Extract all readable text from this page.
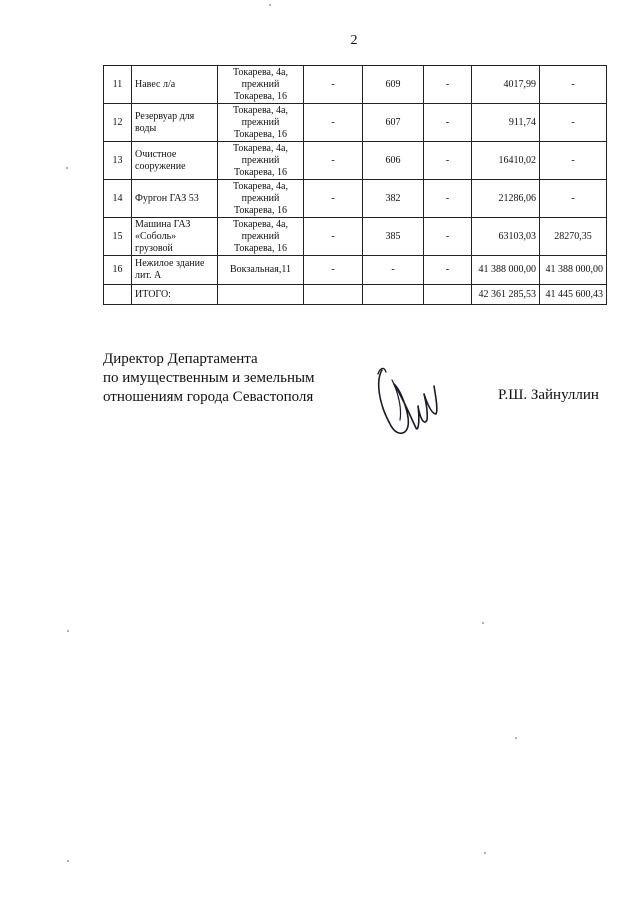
2
11	Навес л/а	Токарева, 4а,
прежний
Токарева, 16	-	609	-	4017,99	-
12	Резервуар для воды	Токарева, 4а,
прежний
Токарева, 16	-	607	-	911,74	-
13	Очистное сооружение	Токарева, 4а,
прежний
Токарева, 16	-	606	-	16410,02	-
14	Фургон ГАЗ 53	Токарева, 4а,
прежний
Токарева, 16	-	382	-	21286,06	-
15	Машина ГАЗ «Соболь» грузовой	Токарева, 4а,
прежний
Токарева, 16	-	385	-	63103,03	28270,35
16	Нежилое здание лит. А	Вокзальная,11	-	-	-	41 388 000,00	41 388 000,00
	ИТОГО:					42 361 285,53	41 445 600,43
Директор Департамента
по имущественным и земельным
отношениям города Севастополя	Р.Ш. Зайнуллин
